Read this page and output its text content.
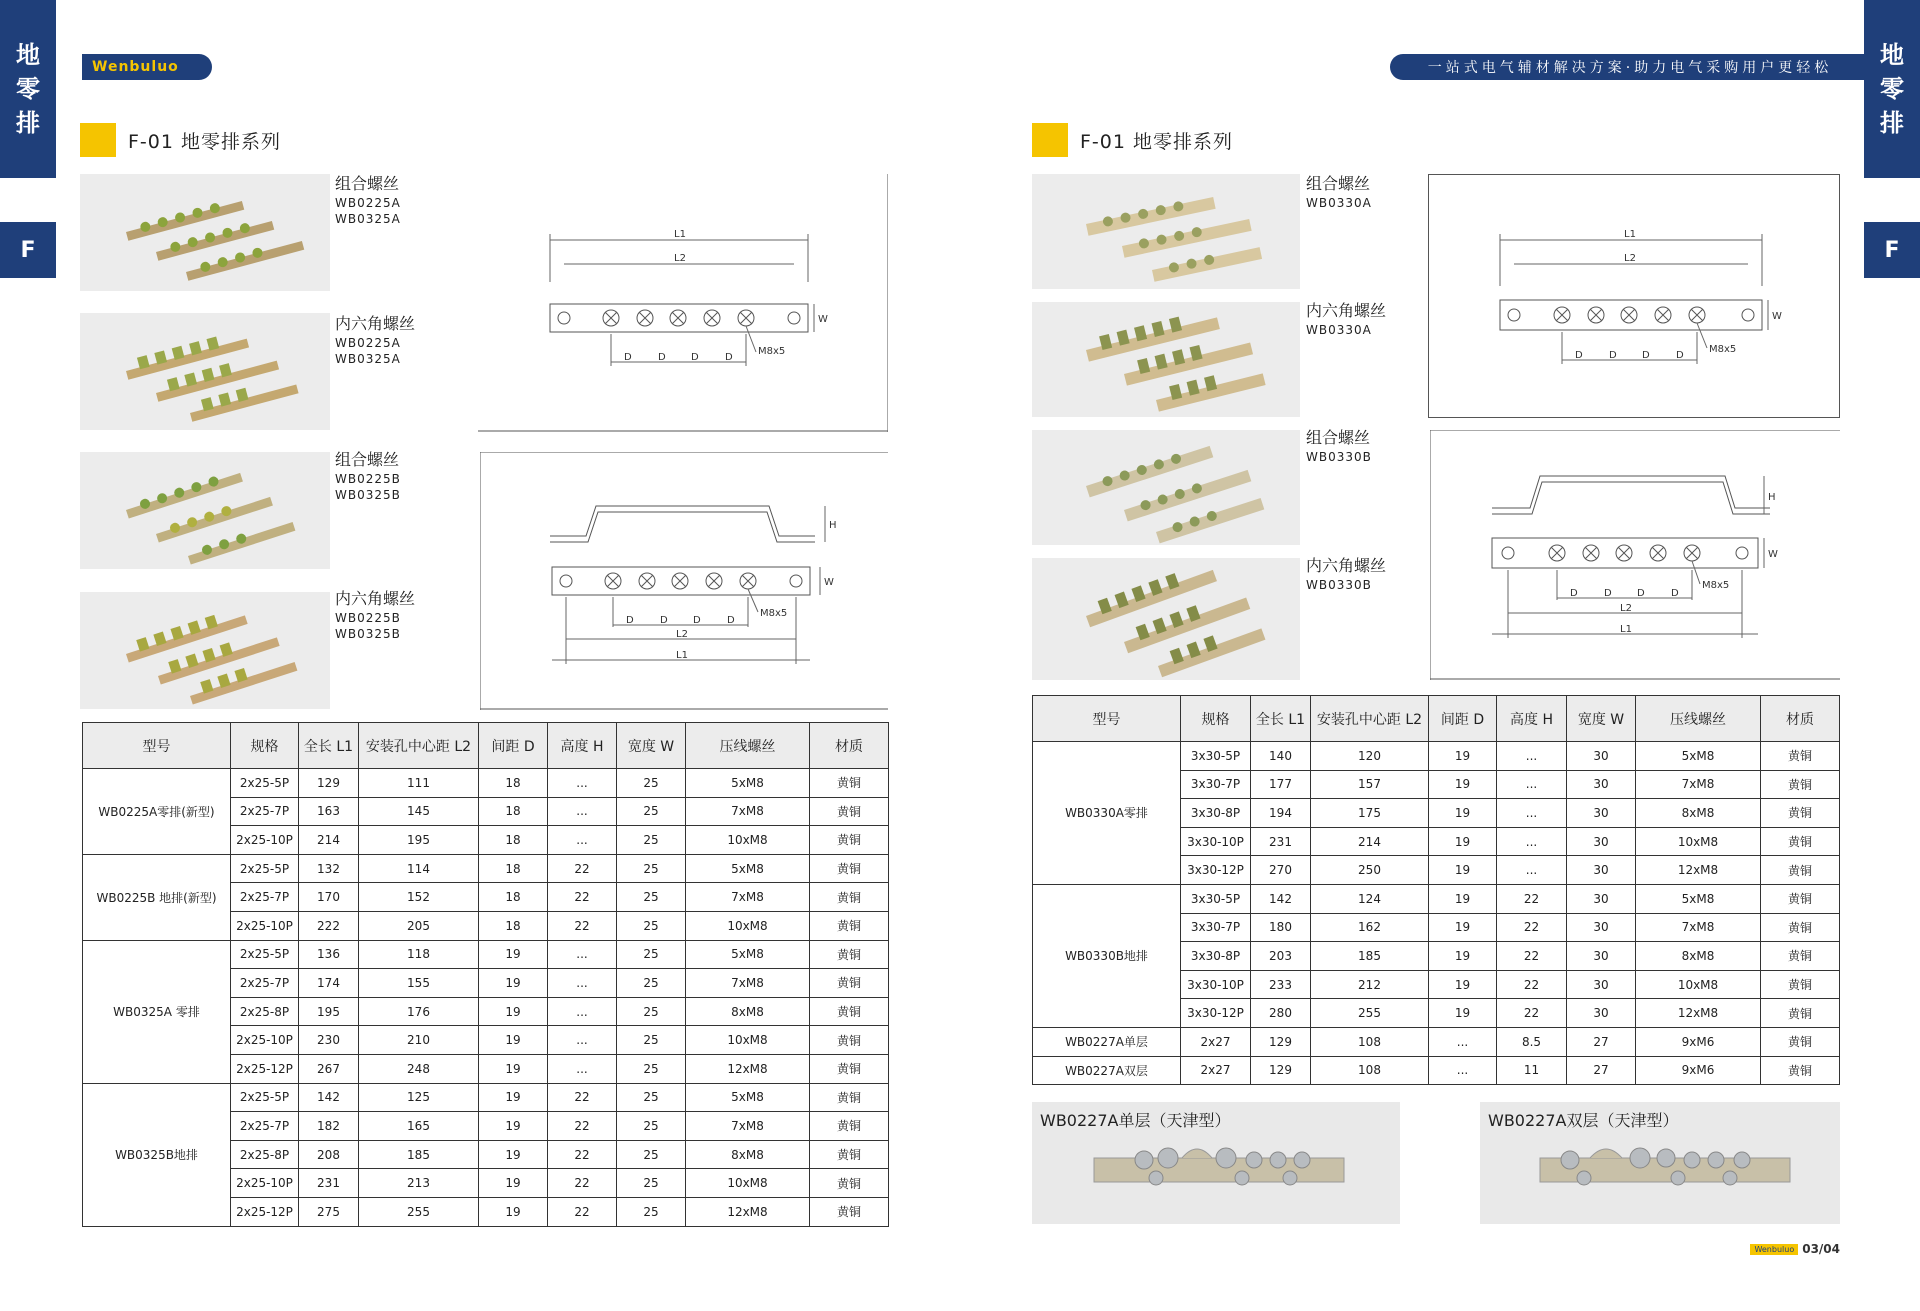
地
零
排
F
地
零
排
F
Wenbuluo	一站式电气辅材解决方案·助力电气采购用户更轻松
F-01 地零排系列	F-01 地零排系列
组合螺丝
WB0225A
WB0325A
内六角螺丝
WB0225A
WB0325A
组合螺丝
WB0225B
WB0325B
内六角螺丝
WB0225B
WB0325B
L1
L2
W
D	D	D	D
M8x5
H
W
D	D	D	D
M8x5
L2
L1
型号	规格	全长 L1	安装孔中心距 L2	间距 D	高度 H	宽度 W	压线螺丝	材质
WB0225A零排(新型)	2x25-5P	129	111	18	...	25	5xM8	黄铜
	2x25-7P	163	145	18	...	25	7xM8	黄铜
	2x25-10P	214	195	18	...	25	10xM8	黄铜
WB0225B 地排(新型)	2x25-5P	132	114	18	22	25	5xM8	黄铜
	2x25-7P	170	152	18	22	25	7xM8	黄铜
	2x25-10P	222	205	18	22	25	10xM8	黄铜
WB0325A 零排	2x25-5P	136	118	19	...	25	5xM8	黄铜
	2x25-7P	174	155	19	...	25	7xM8	黄铜
	2x25-8P	195	176	19	...	25	8xM8	黄铜
	2x25-10P	230	210	19	...	25	10xM8	黄铜
	2x25-12P	267	248	19	...	25	12xM8	黄铜
WB0325B地排	2x25-5P	142	125	19	22	25	5xM8	黄铜
	2x25-7P	182	165	19	22	25	7xM8	黄铜
	2x25-8P	208	185	19	22	25	8xM8	黄铜
	2x25-10P	231	213	19	22	25	10xM8	黄铜
	2x25-12P	275	255	19	22	25	12xM8	黄铜
组合螺丝
WB0330A
内六角螺丝
WB0330A
组合螺丝
WB0330B
内六角螺丝
WB0330B
L1
L2
W
D	D	D	D
M8x5
H
W
D	D	D	D
M8x5
L2
L1
型号	规格	全长 L1	安装孔中心距 L2	间距 D	高度 H	宽度 W	压线螺丝	材质
WB0330A零排	3x30-5P	140	120	19	...	30	5xM8	黄铜
	3x30-7P	177	157	19	...	30	7xM8	黄铜
	3x30-8P	194	175	19	...	30	8xM8	黄铜
	3x30-10P	231	214	19	...	30	10xM8	黄铜
	3x30-12P	270	250	19	...	30	12xM8	黄铜
WB0330B地排	3x30-5P	142	124	19	22	30	5xM8	黄铜
	3x30-7P	180	162	19	22	30	7xM8	黄铜
	3x30-8P	203	185	19	22	30	8xM8	黄铜
	3x30-10P	233	212	19	22	30	10xM8	黄铜
	3x30-12P	280	255	19	22	30	12xM8	黄铜
WB0227A单层	2x27	129	108	...	8.5	27	9xM6	黄铜
WB0227A双层	2x27	129	108	...	11	27	9xM6	黄铜
WB0227A单层（天津型）	WB0227A双层（天津型）
Wenbuluo 03/04
